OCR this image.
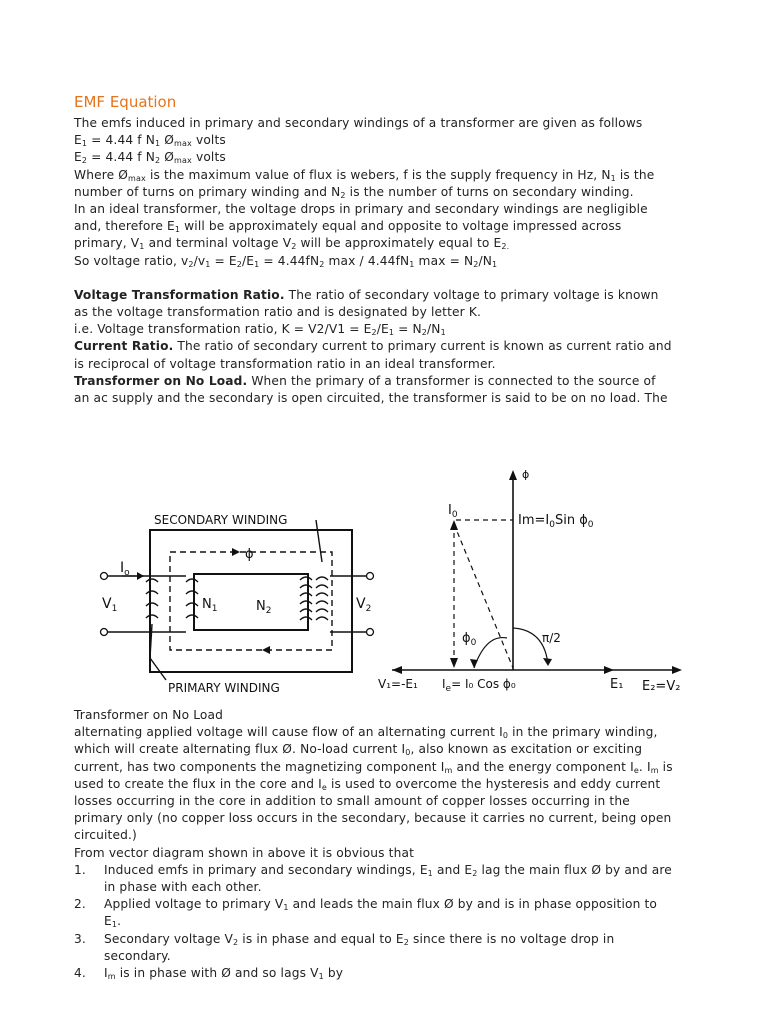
EMF Equation

The emfs induced in primary and secondary windings of a transformer are given as follows

$E_1 = 4.44$ f $N_1$ $Ø_{max}$ volts

$E_2 = 4.44$ f $N_2$ $Ø_{max}$ volts

Where $Ø_{max}$ is the maximum value of flux is webers, f is the supply frequency in Hz, $N_1$ is the number of turns on primary winding and $N_2$ is the number of turns on secondary winding.

In an ideal transformer, the voltage drops in primary and secondary windings are negligible and, therefore $E_1$ will be approximately equal and opposite to voltage impressed across primary, $V_1$ and terminal voltage $V_2$ will be approximately equal to $E_{2.}$

So voltage ratio, $v_2/v_1 = E_2/E_1 = 4.44fN_2$ max / $4.44fN_1$ $\max = N_2/N_1$

Voltage Transformation Ratio. The ratio of secondary voltage to primary voltage is known as the voltage transformation ratio and is designated by letter K.

i.e. Voltage transformation ratio, $K = V2/V1 = E_2/E_1 = N_2/N_1$

Current Ratio. The ratio of secondary current to primary current is known as current ratio and is reciprocal of voltage transformation ratio in an ideal transformer.

Transformer on No Load. When the primary of a transformer is connected to the source of an ac supply and the secondary is open circuited, the transformer is said to be on no load. The

SECONDARY WINDING
PRIMARY WINDING
ϕ
$I_o$
$V_1$	$N_1$	$N_2$	$V_2$
ϕ
$I_0$	$Im=I_0Sin$ $\phi_0$
$\phi_0$	π/2
V₁=-E₁ $I_e= I_0$ Cos ϕ₀	E₁ E₂=V₂

Transformer on No Load

alternating applied voltage will cause flow of an alternating current $I_0$ in the primary winding, which will create alternating flux Ø. No-load current $I_0$, also known as excitation or exciting current, has two components the magnetizing component $I_m$ and the energy component $I_e$. $I_m$ is used to create the flux in the core and $I_e$ is used to overcome the hysteresis and eddy current losses occurring in the core in addition to small amount of copper losses occurring in the primary only (no copper loss occurs in the secondary, because it carries no current, being open circuited.)

From vector diagram shown in above it is obvious that

1.	Induced emfs in primary and secondary windings, $E_1$ and $E_2$ lag the main flux Ø by and are in phase with each other.
2.	Applied voltage to primary $V_1$ and leads the main flux Ø by and is in phase opposition to $E_1$.
3.	Secondary voltage $V_2$ is in phase and equal to $E_2$ since there is no voltage drop in secondary.
4.	$I_m$ is in phase with Ø and so lags $V_1$ by
